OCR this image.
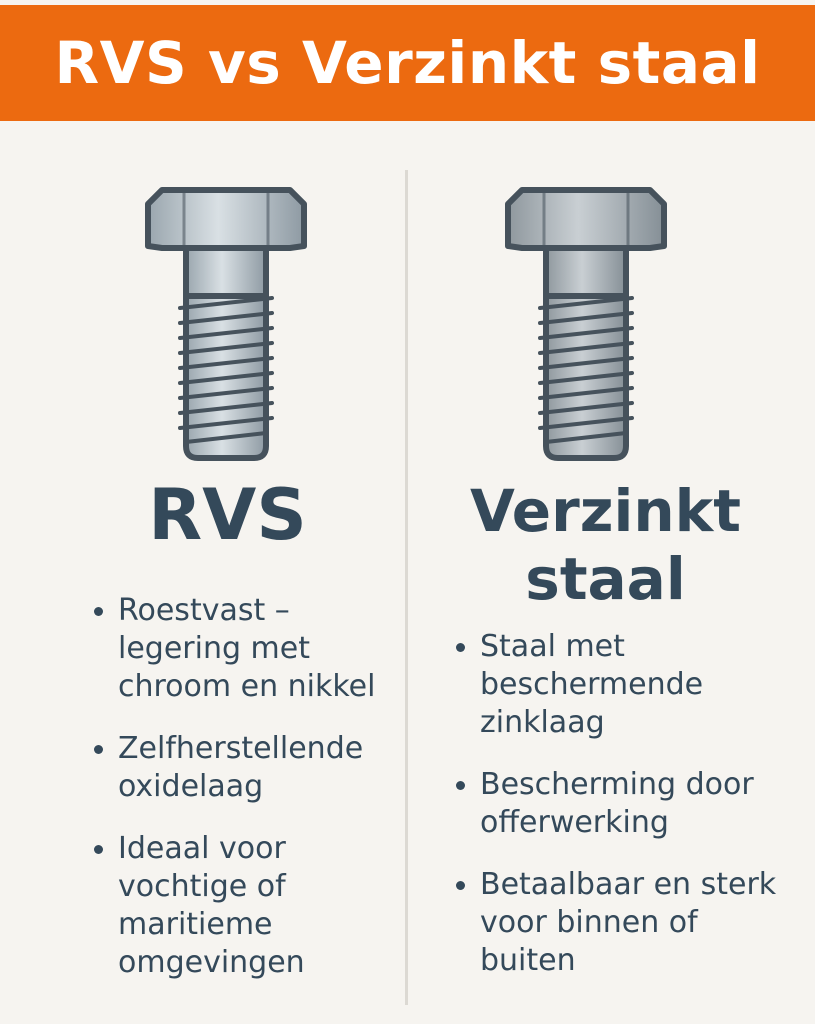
RVS vs Verzinkt staal
RVS
Roestvast – legering met chroom en nikkel
Zelfherstellende oxidelaag
Ideaal voor vochtige of maritieme omgevingen
Verzinkt staal
Staal met beschermende zinklaag
Bescherming door offerwerking
Betaalbaar en sterk voor binnen of buiten
